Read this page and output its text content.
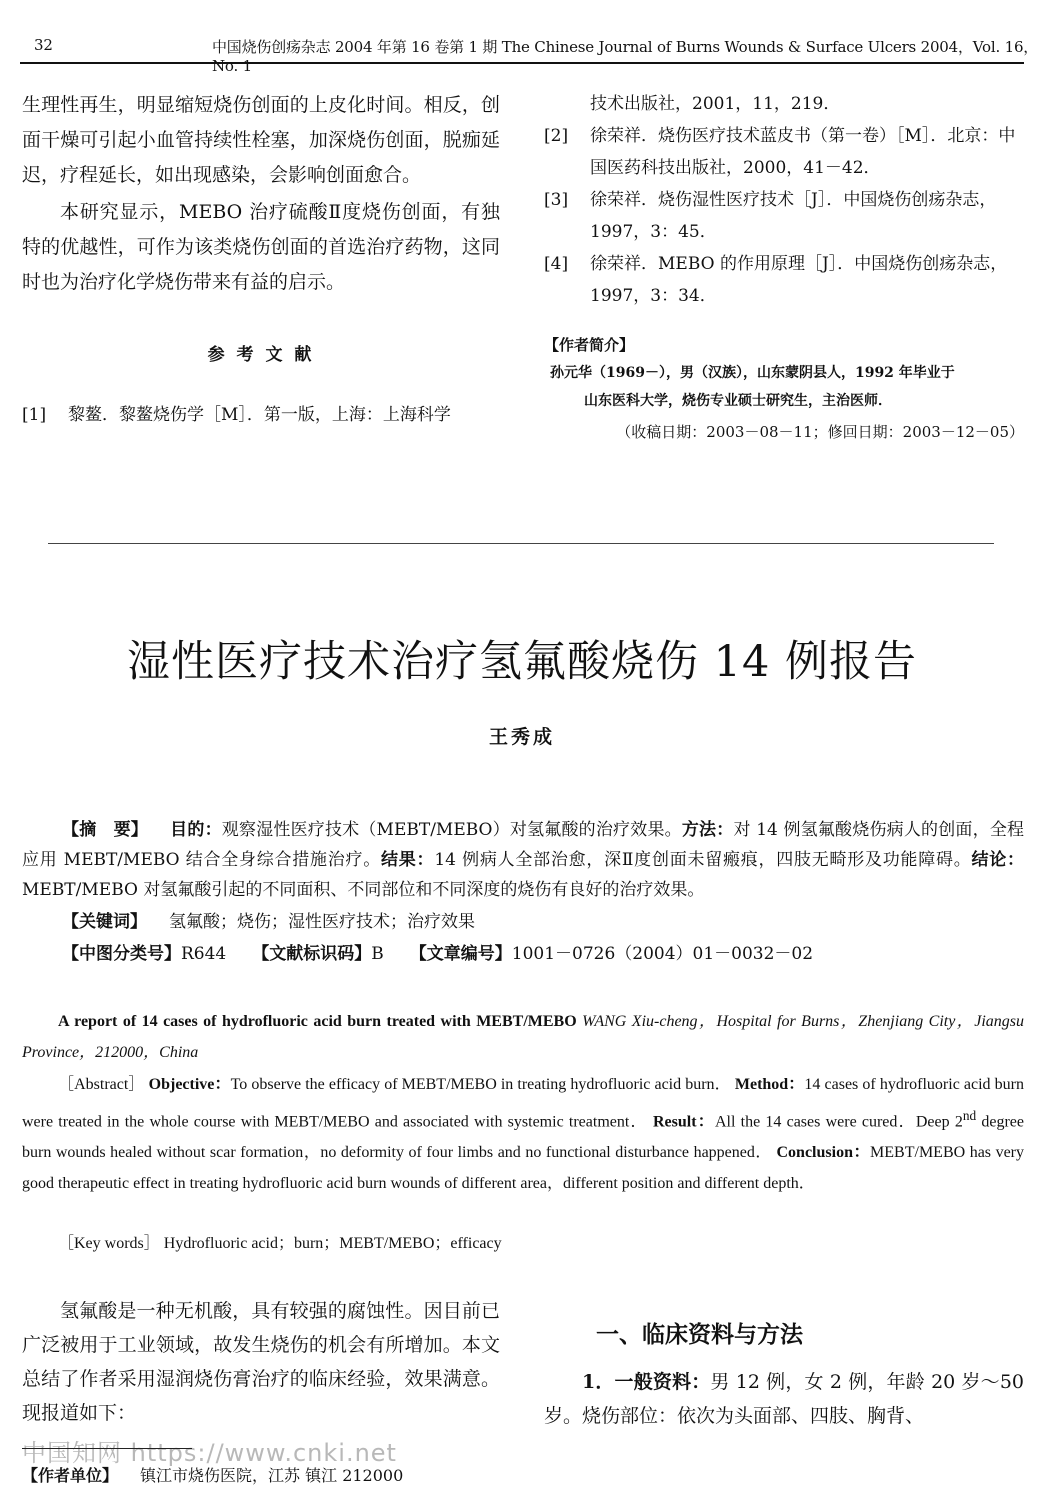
32	中国烧伤创疡杂志 2004 年第 16 卷第 1 期 The Chinese Journal of Burns Wounds & Surface Ulcers 2004，Vol. 16，No. 1

生理性再生，明显缩短烧伤创面的上皮化时间。相反，创面干燥可引起小血管持续性栓塞，加深烧伤创面，脱痂延迟，疗程延长，如出现感染，会影响创面愈合。

本研究显示，MEBO 治疗硫酸Ⅱ度烧伤创面，有独特的优越性，可作为该类烧伤创面的首选治疗药物，这同时也为治疗化学烧伤带来有益的启示。

参 考 文 献
[1]	黎鳌．黎鳌烧伤学［M］．第一版，上海：上海科学
技术出版社，2001，11，219．
[2]	徐荣祥．烧伤医疗技术蓝皮书（第一卷）［M］．北京：中国医药科技出版社，2000，41－42．
[3]	徐荣祥．烧伤湿性医疗技术［J］．中国烧伤创疡杂志，1997，3：45．
[4]	徐荣祥．MEBO 的作用原理［J］．中国烧伤创疡杂志，1997，3：34．
【作者简介】
孙元华（1969－），男（汉族），山东蒙阴县人，1992 年毕业于
山东医科大学，烧伤专业硕士研究生，主治医师．
（收稿日期：2003－08－11；修回日期：2003－12－05）
湿性医疗技术治疗氢氟酸烧伤 14 例报告
王秀成
【摘　要】 目的：观察湿性医疗技术（MEBT/MEBO）对氢氟酸的治疗效果。方法：对 14 例氢氟酸烧伤病人的创面，全程应用 MEBT/MEBO 结合全身综合措施治疗。结果：14 例病人全部治愈，深Ⅱ度创面未留瘢痕，四肢无畸形及功能障碍。结论：MEBT/MEBO 对氢氟酸引起的不同面积、不同部位和不同深度的烧伤有良好的治疗效果。
【关键词】 氢氟酸；烧伤；湿性医疗技术；治疗效果
【中图分类号】R644 【文献标识码】B 【文章编号】1001－0726（2004）01－0032－02
A report of 14 cases of hydrofluoric acid burn treated with MEBT/MEBO WANG Xiu-cheng，Hospital for Burns，Zhenjiang City，Jiangsu Province，212000，China
［Abstract］ Objective：To observe the efficacy of MEBT/MEBO in treating hydrofluoric acid burn． Method：14 cases of hydrofluoric acid burn were treated in the whole course with MEBT/MEBO and associated with systemic treatment． Result：All the 14 cases were cured．Deep 2nd degree burn wounds healed without scar formation，no deformity of four limbs and no functional disturbance happened． Conclusion：MEBT/MEBO has very good therapeutic effect in treating hydrofluoric acid burn wounds of different area，different position and different depth．
［Key words］ Hydrofluoric acid；burn；MEBT/MEBO；efficacy

氢氟酸是一种无机酸，具有较强的腐蚀性。因目前已广泛被用于工业领域，故发生烧伤的机会有所增加。本文总结了作者采用湿润烧伤膏治疗的临床经验，效果满意。现报道如下：

一、临床资料与方法

1．一般资料：男 12 例，女 2 例，年龄 20 岁～50 岁。烧伤部位：依次为头面部、四肢、胸背、

中国知网 https://www.cnki.net
【作者单位】 镇江市烧伤医院，江苏 镇江 212000
